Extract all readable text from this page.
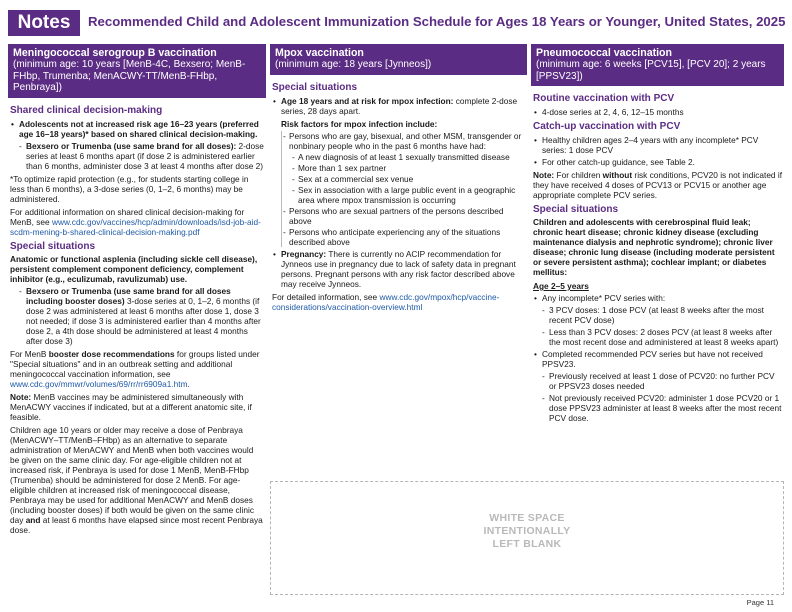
Notes	Recommended Child and Adolescent Immunization Schedule for Ages 18 Years or Younger, United States, 2025
Meningococcal serogroup B vaccination
(minimum age: 10 years [MenB-4C, Bexsero; MenB-FHbp, Trumenba; MenACWY-TT/MenB-FHbp, Penbraya])
Shared clinical decision-making
• Adolescents not at increased risk age 16–23 years (preferred age 16–18 years)* based on shared clinical decision-making.
- Bexsero or Trumenba (use same brand for all doses): 2-dose series at least 6 months apart (if dose 2 is administered earlier than 6 months, administer dose 3 at least 4 months after dose 2)
*To optimize rapid protection (e.g., for students starting college in less than 6 months), a 3-dose series (0, 1–2, 6 months) may be administered.
For additional information on shared clinical decision-making for MenB, see www.cdc.gov/vaccines/hcp/admin/downloads/isd-job-aid-scdm-mening-b-shared-clinical-decision-making.pdf
Special situations
Anatomic or functional asplenia (including sickle cell disease), persistent complement component deficiency, complement inhibitor (e.g., eculizumab, ravulizumab) use.
- Bexsero or Trumenba (use same brand for all doses including booster doses) 3-dose series at 0, 1–2, 6 months (if dose 2 was administered at least 6 months after dose 1, dose 3 not needed; if dose 3 is administered earlier than 4 months after dose 2, a 4th dose should be administered at least 4 months after dose 3)
For MenB booster dose recommendations for groups listed under "Special situations" and in an outbreak setting and additional meningococcal vaccination information, see www.cdc.gov/mmwr/volumes/69/rr/rr6909a1.htm.
Note: MenB vaccines may be administered simultaneously with MenACWY vaccines if indicated, but at a different anatomic site, if feasible.
Children age 10 years or older may receive a dose of Penbraya (MenACWY–TT/MenB–FHbp) as an alternative to separate administration of MenACWY and MenB when both vaccines would be given on the same clinic day. For age-eligible children not at increased risk, if Penbraya is used for dose 1 MenB, MenB-FHbp (Trumenba) should be administered for dose 2 MenB. For age-eligible children at increased risk of meningococcal disease, Penbraya may be used for additional MenACWY and MenB doses (including booster doses) if both would be given on the same clinic day and at least 6 months have elapsed since most recent Penbraya dose.
Mpox vaccination
(minimum age: 18 years [Jynneos])
Special situations
• Age 18 years and at risk for mpox infection: complete 2-dose series, 28 days apart.
Risk factors for mpox infection include:
- Persons who are gay, bisexual, and other MSM, transgender or nonbinary people who in the past 6 months have had:
- A new diagnosis of at least 1 sexually transmitted disease
- More than 1 sex partner
- Sex at a commercial sex venue
- Sex in association with a large public event in a geographic area where mpox transmission is occurring
- Persons who are sexual partners of the persons described above
- Persons who anticipate experiencing any of the situations described above
• Pregnancy: There is currently no ACIP recommendation for Jynneos use in pregnancy due to lack of safety data in pregnant persons. Pregnant persons with any risk factor described above may receive Jynneos.
For detailed information, see www.cdc.gov/mpox/hcp/vaccine-considerations/vaccination-overview.html
Pneumococcal vaccination
(minimum age: 6 weeks [PCV15], [PCV 20]; 2 years [PPSV23])
Routine vaccination with PCV
• 4-dose series at 2, 4, 6, 12–15 months
Catch-up vaccination with PCV
• Healthy children ages 2–4 years with any incomplete* PCV series: 1 dose PCV
• For other catch-up guidance, see Table 2.
Note: For children without risk conditions, PCV20 is not indicated if they have received 4 doses of PCV13 or PCV15 or another age appropriate complete PCV series.
Special situations
Children and adolescents with cerebrospinal fluid leak; chronic heart disease; chronic kidney disease (excluding maintenance dialysis and nephrotic syndrome); chronic liver disease; chronic lung disease (including moderate persistent or severe persistent asthma); cochlear implant; or diabetes mellitus:
Age 2–5 years
• Any incomplete* PCV series with:
- 3 PCV doses: 1 dose PCV (at least 8 weeks after the most recent PCV dose)
- Less than 3 PCV doses: 2 doses PCV (at least 8 weeks after the most recent dose and administered at least 8 weeks apart)
• Completed recommended PCV series but have not received PPSV23.
- Previously received at least 1 dose of PCV20: no further PCV or PPSV23 doses needed
- Not previously received PCV20: administer 1 dose PCV20 or 1 dose PPSV23 administer at least 8 weeks after the most recent PCV dose.
WHITE SPACE
INTENTIONALLY
LEFT BLANK
Page 11
